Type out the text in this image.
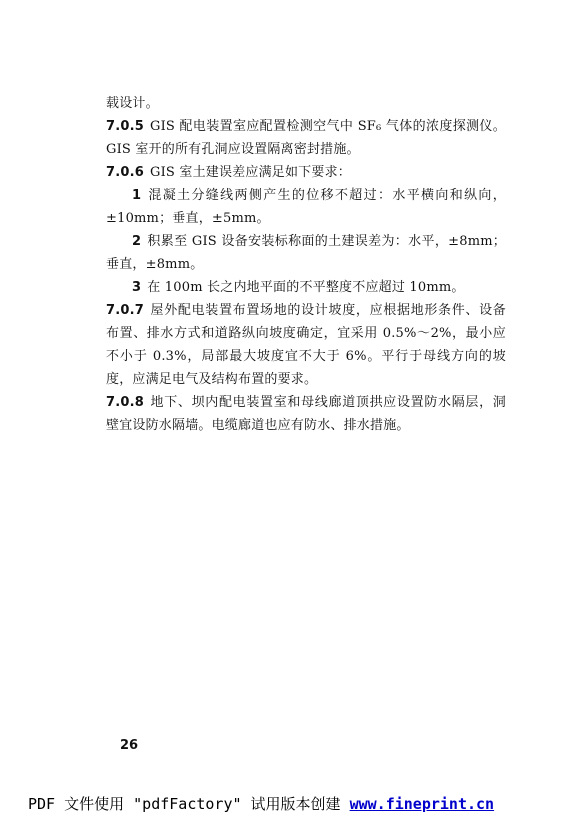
载设计。

7.0.5 GIS 配电装置室应配置检测空气中 SF₆ 气体的浓度探测仪。GIS 室开的所有孔洞应设置隔离密封措施。

7.0.6 GIS 室土建误差应满足如下要求：

1 混凝土分缝线两侧产生的位移不超过：水平横向和纵向，±10mm；垂直，±5mm。

2 积累至 GIS 设备安装标称面的土建误差为：水平，±8mm；垂直，±8mm。

3 在 100m 长之内地平面的不平整度不应超过 10mm。

7.0.7 屋外配电装置布置场地的设计坡度，应根据地形条件、设备布置、排水方式和道路纵向坡度确定，宜采用 0.5%～2%，最小应不小于 0.3%，局部最大坡度宜不大于 6%。平行于母线方向的坡度，应满足电气及结构布置的要求。

7.0.8 地下、坝内配电装置室和母线廊道顶拱应设置防水隔层，洞壁宜设防水隔墙。电缆廊道也应有防水、排水措施。

26
PDF 文件使用 "pdfFactory" 试用版本创建 www.fineprint.cn
